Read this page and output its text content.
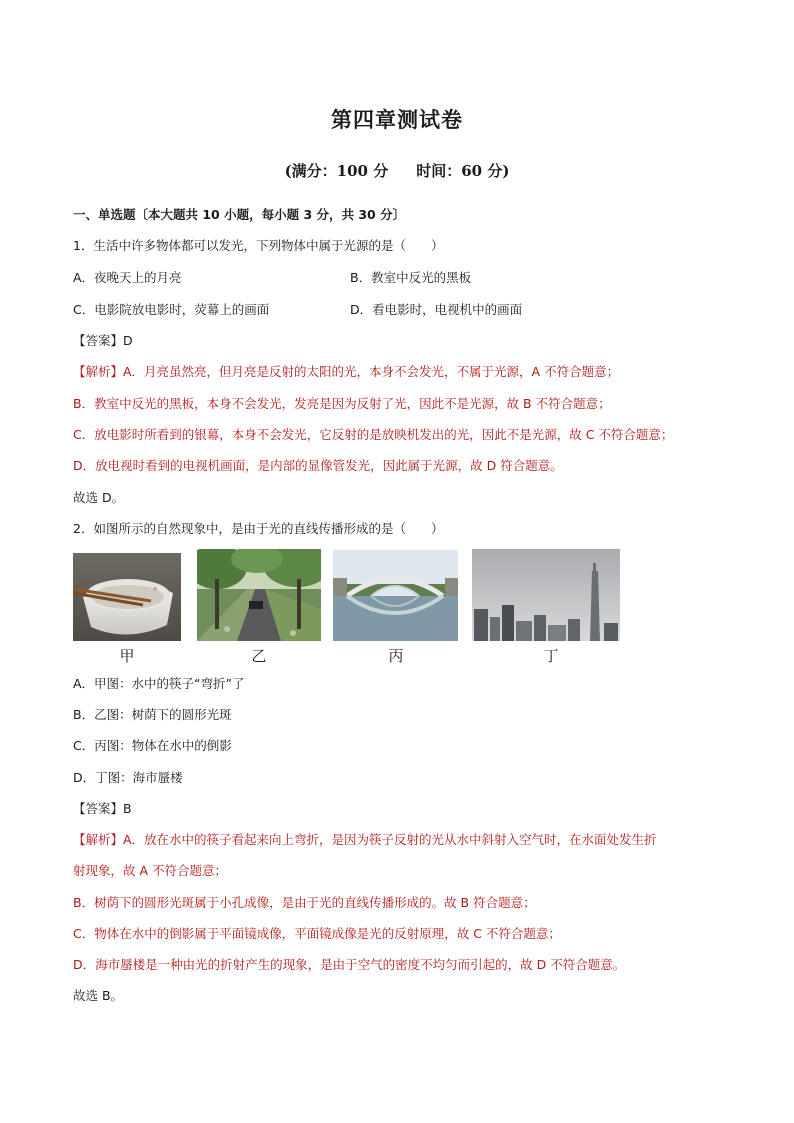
第四章测试卷
(满分：100 分 时间：60 分)
一、单选题〔本大题共 10 小题，每小题 3 分，共 30 分〕
1．生活中许多物体都可以发光，下列物体中属于光源的是（　　）
A．夜晚天上的月亮	B．教室中反光的黑板
C．电影院放电影时，荧幕上的画面	D．看电影时，电视机中的画面
【答案】D
【解析】A．月亮虽然亮，但月亮是反射的太阳的光，本身不会发光，不属于光源，A 不符合题意；
B．教室中反光的黑板，本身不会发光，发亮是因为反射了光，因此不是光源，故 B 不符合题意；
C．放电影时所看到的银幕，本身不会发光，它反射的是放映机发出的光，因此不是光源，故 C 不符合题意；
D．放电视时看到的电视机画面，是内部的显像管发光，因此属于光源，故 D 符合题意。
故选 D。
2．如图所示的自然现象中，是由于光的直线传播形成的是（　　）
甲	乙	丙	丁
A．甲图：水中的筷子“弯折”了
B．乙图：树荫下的圆形光斑
C．丙图：物体在水中的倒影
D．丁图：海市蜃楼
【答案】B
【解析】A．放在水中的筷子看起来向上弯折，是因为筷子反射的光从水中斜射入空气时，在水面处发生折
射现象，故 A 不符合题意；
B．树荫下的圆形光斑属于小孔成像，是由于光的直线传播形成的。故 B 符合题意；
C．物体在水中的倒影属于平面镜成像，平面镜成像是光的反射原理，故 C 不符合题意；
D．海市蜃楼是一种由光的折射产生的现象，是由于空气的密度不均匀而引起的，故 D 不符合题意。
故选 B。
